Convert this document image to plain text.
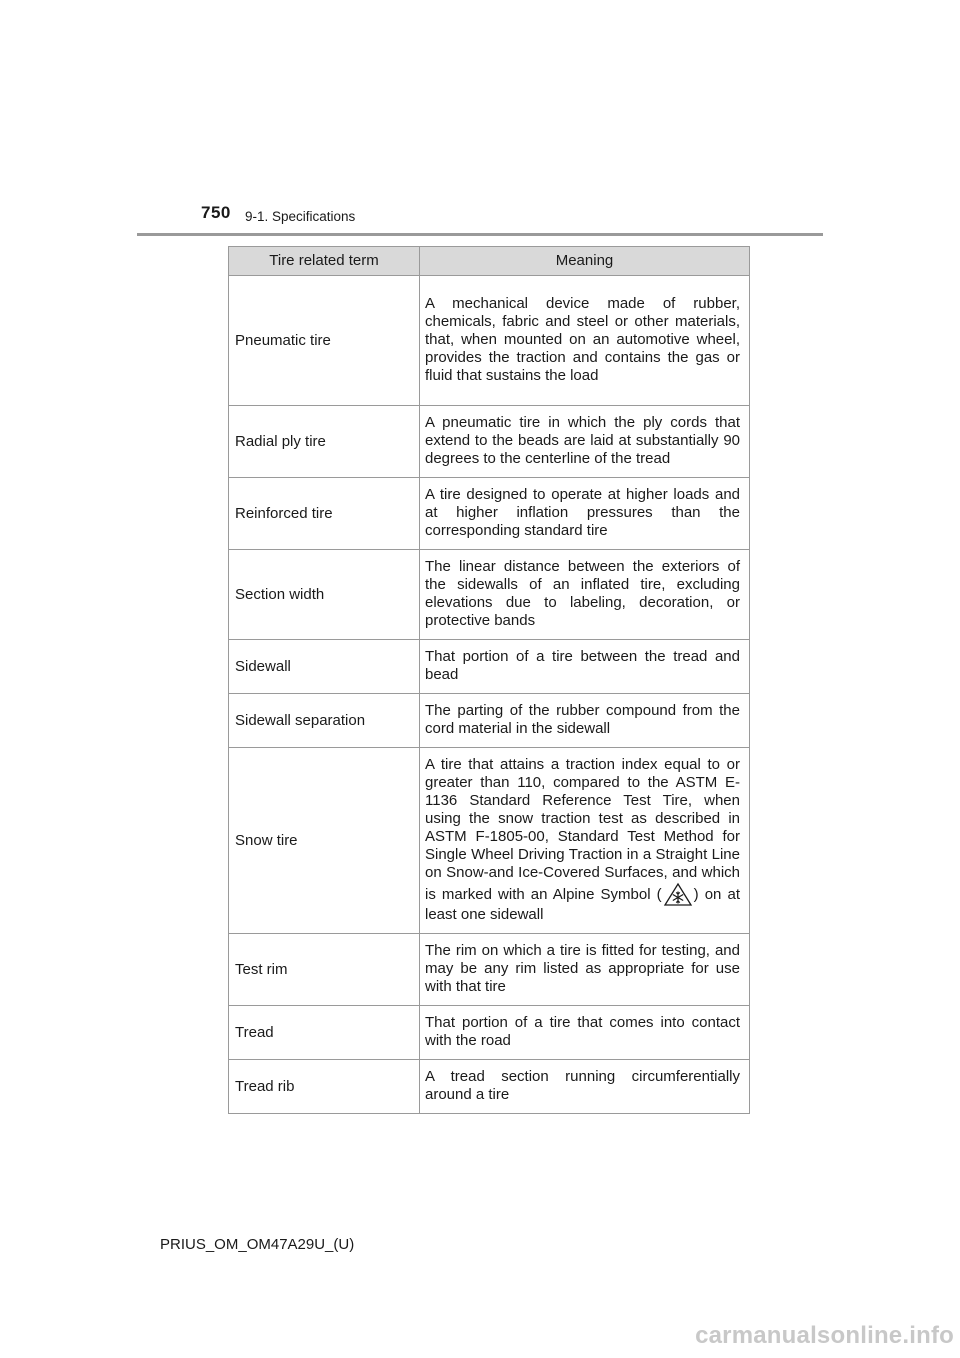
750 9-1. Specifications
Tire related term	Meaning
Pneumatic tire	A mechanical device made of rubber, chemicals, fabric and steel or other materials, that, when mounted on an automotive wheel, provides the traction and contains the gas or fluid that sustains the load
Radial ply tire	A pneumatic tire in which the ply cords that extend to the beads are laid at substantially 90 degrees to the centerline of the tread
Reinforced tire	A tire designed to operate at higher loads and at higher inflation pressures than the corresponding standard tire
Section width	The linear distance between the exteriors of the sidewalls of an inflated tire, excluding elevations due to labeling, decoration, or protective bands
Sidewall	That portion of a tire between the tread and bead
Sidewall separation	The parting of the rubber compound from the cord material in the sidewall
Snow tire	A tire that attains a traction index equal to or greater than 110, compared to the ASTM E-1136 Standard Reference Test Tire, when using the snow traction test as described in ASTM F-1805-00, Standard Test Method for Single Wheel Driving Traction in a Straight Line on Snow-and Ice-Covered Surfaces, and which is marked with an Alpine Symbol ( ) on at least one sidewall
Test rim	The rim on which a tire is fitted for testing, and may be any rim listed as appropriate for use with that tire
Tread	That portion of a tire that comes into contact with the road
Tread rib	A tread section running circumferentially around a tire
PRIUS_OM_OM47A29U_(U)
carmanualsonline.info
